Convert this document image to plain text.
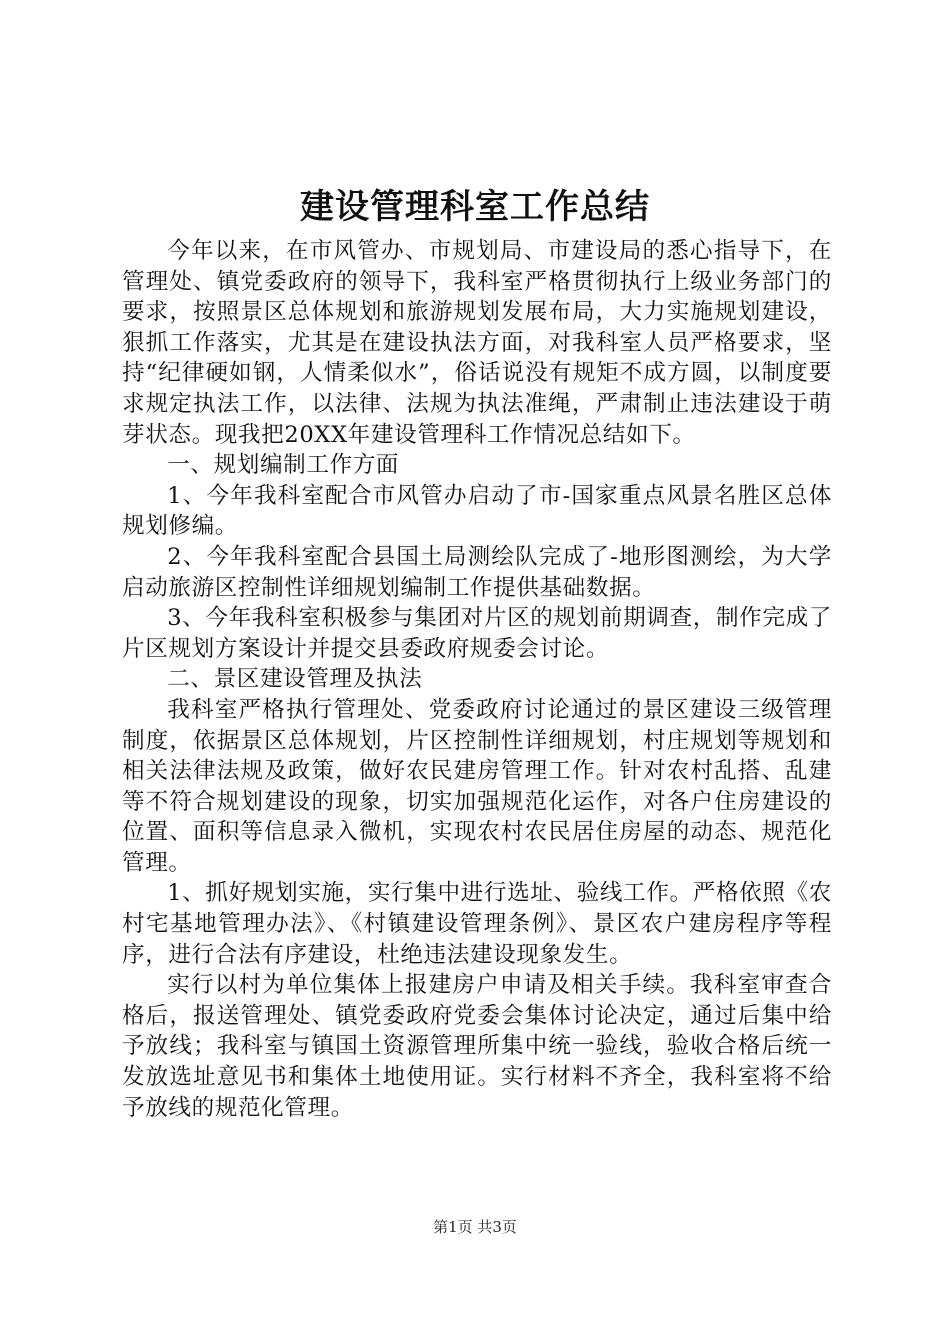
建设管理科室工作总结

今年以来，在市风管办、市规划局、市建设局的悉心指导下，在管理处、镇党委政府的领导下，我科室严格贯彻执行上级业务部门的要求，按照景区总体规划和旅游规划发展布局，大力实施规划建设，狠抓工作落实，尤其是在建设执法方面，对我科室人员严格要求，坚持“纪律硬如钢，人情柔似水”，俗话说没有规矩不成方圆，以制度要求规定执法工作，以法律、法规为执法准绳，严肃制止违法建设于萌芽状态。现我把20XX年建设管理科工作情况总结如下。

一、规划编制工作方面

1、今年我科室配合市风管办启动了市-国家重点风景名胜区总体规划修编。

2、今年我科室配合县国土局测绘队完成了-地形图测绘，为大学启动旅游区控制性详细规划编制工作提供基础数据。

3、今年我科室积极参与集团对片区的规划前期调查，制作完成了片区规划方案设计并提交县委政府规委会讨论。

二、景区建设管理及执法

我科室严格执行管理处、党委政府讨论通过的景区建设三级管理制度，依据景区总体规划，片区控制性详细规划，村庄规划等规划和相关法律法规及政策，做好农民建房管理工作。针对农村乱搭、乱建等不符合规划建设的现象，切实加强规范化运作，对各户住房建设的位置、面积等信息录入微机，实现农村农民居住房屋的动态、规范化管理。

1、抓好规划实施，实行集中进行选址、验线工作。严格依照《农村宅基地管理办法》、《村镇建设管理条例》、景区农户建房程序等程序，进行合法有序建设，杜绝违法建设现象发生。

实行以村为单位集体上报建房户申请及相关手续。我科室审查合格后，报送管理处、镇党委政府党委会集体讨论决定，通过后集中给予放线；我科室与镇国土资源管理所集中统一验线，验收合格后统一发放选址意见书和集体土地使用证。实行材料不齐全，我科室将不给予放线的规范化管理。

第1页 共3页
